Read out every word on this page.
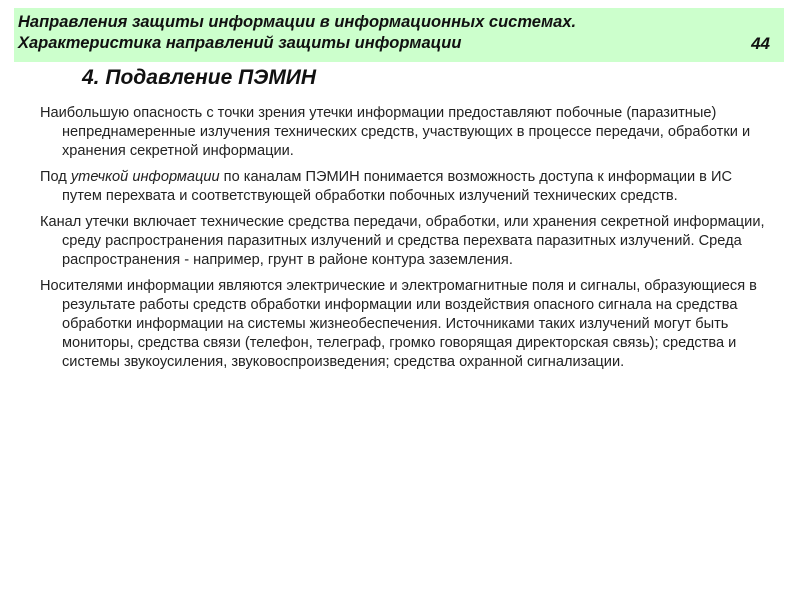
Направления защиты информации в информационных системах.
Характеристика направлений защиты информации	44
4. Подавление ПЭМИН

Наибольшую опасность с точки зрения утечки информации предоставляют побочные (паразитные) непреднамеренные излучения технических средств, участвующих в процессе передачи, обработки и хранения секретной информации.

Под утечкой информации по каналам ПЭМИН понимается возможность доступа к информации в ИС путем перехвата и соответствующей обработки побочных излучений технических средств.

Канал утечки включает технические средства передачи, обработки, или хранения секретной информации, среду распространения паразитных излучений и средства перехвата паразитных излучений. Среда распространения - например, грунт в районе контура заземления.

Носителями информации являются электрические и электромагнитные поля и сигналы, образующиеся в результате работы средств обработки информации или воздействия опасного сигнала на средства обработки информации на системы жизнеобеспечения. Источниками таких излучений могут быть мониторы, средства связи (телефон, телеграф, громко говорящая директорская связь); средства и системы звукоусиления, звуковоспроизведения; средства охранной сигнализации.
